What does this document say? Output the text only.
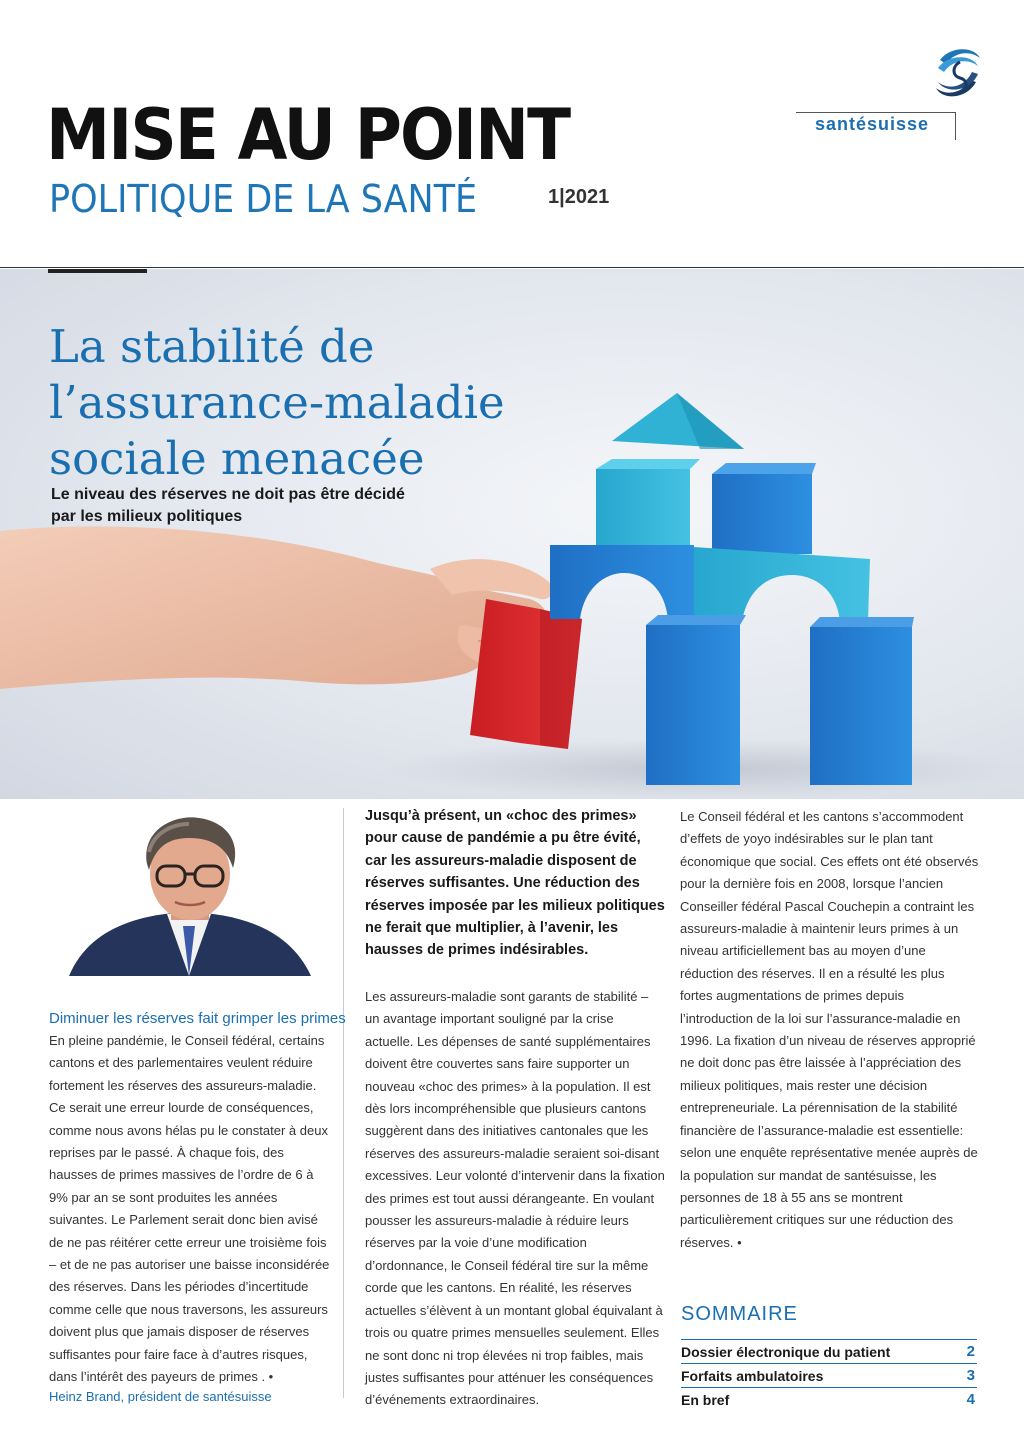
MISE AU POINT
POLITIQUE DE LA SANTÉ	1|2021
santésuisse
La stabilité de
l’assurance-maladie
sociale menacée
Le niveau des réserves ne doit pas être décidé
par les milieux politiques
Diminuer les réserves fait grimper les primes
En pleine pandémie, le Conseil fédéral, certains cantons et des parlementaires veulent réduire fortement les réserves des assureurs-maladie. Ce serait une erreur lourde de conséquences, comme nous avons hélas pu le constater à deux reprises par le passé. À chaque fois, des hausses de primes massives de l’ordre de 6 à 9% par an se sont produites les années suivantes. Le Parlement serait donc bien avisé de ne pas réitérer cette erreur une troisième fois – et de ne pas autoriser une baisse inconsidérée des réserves. Dans les périodes d’incertitude comme celle que nous traversons, les assureurs doivent plus que jamais disposer de réserves suffisantes pour faire face à d’autres risques, dans l’intérêt des payeurs de primes . •
Heinz Brand, président de santésuisse
Jusqu’à présent, un «choc des primes» pour cause de pandémie a pu être évité, car les assureurs-maladie disposent de réserves suffisantes. Une réduction des réserves imposée par les milieux politiques ne ferait que multiplier, à l’avenir, les hausses de primes indésirables.
Les assureurs-maladie sont garants de stabilité – un avantage important souligné par la crise actuelle. Les dépenses de santé supplémentaires doivent être couvertes sans faire supporter un nouveau «choc des primes» à la population. Il est dès lors incompréhensible que plusieurs cantons suggèrent dans des initiatives cantonales que les réserves des assureurs-maladie seraient soi-disant excessives. Leur volonté d’intervenir dans la fixation des primes est tout aussi dérangeante. En voulant pousser les assureurs-maladie à réduire leurs réserves par la voie d’une modification d’ordonnance, le Conseil fédéral tire sur la même corde que les cantons. En réalité, les réserves actuelles s’élèvent à un montant global équivalant à trois ou quatre primes mensuelles seulement. Elles ne sont donc ni trop élevées ni trop faibles, mais justes suffisantes pour atténuer les conséquences d’événements extraordinaires.
Le Conseil fédéral et les cantons s’accommodent d’effets de yoyo indésirables sur le plan tant économique que social. Ces effets ont été observés pour la dernière fois en 2008, lorsque l’ancien Conseiller fédéral Pascal Couchepin a contraint les assureurs-maladie à maintenir leurs primes à un niveau artificiellement bas au moyen d’une réduction des réserves. Il en a résulté les plus fortes augmentations de primes depuis l’introduction de la loi sur l’assurance-maladie en 1996. La fixation d’un niveau de réserves approprié ne doit donc pas être laissée à l’appréciation des milieux politiques, mais rester une décision entrepreneuriale. La pérennisation de la stabilité financière de l’assurance-maladie est essentielle: selon une enquête représentative menée auprès de la population sur mandat de santésuisse, les personnes de 18 à 55 ans se montrent particulièrement critiques sur une réduction des réserves. •
SOMMAIRE
Dossier électronique du patient	2
Forfaits ambulatoires	3
En bref	4
